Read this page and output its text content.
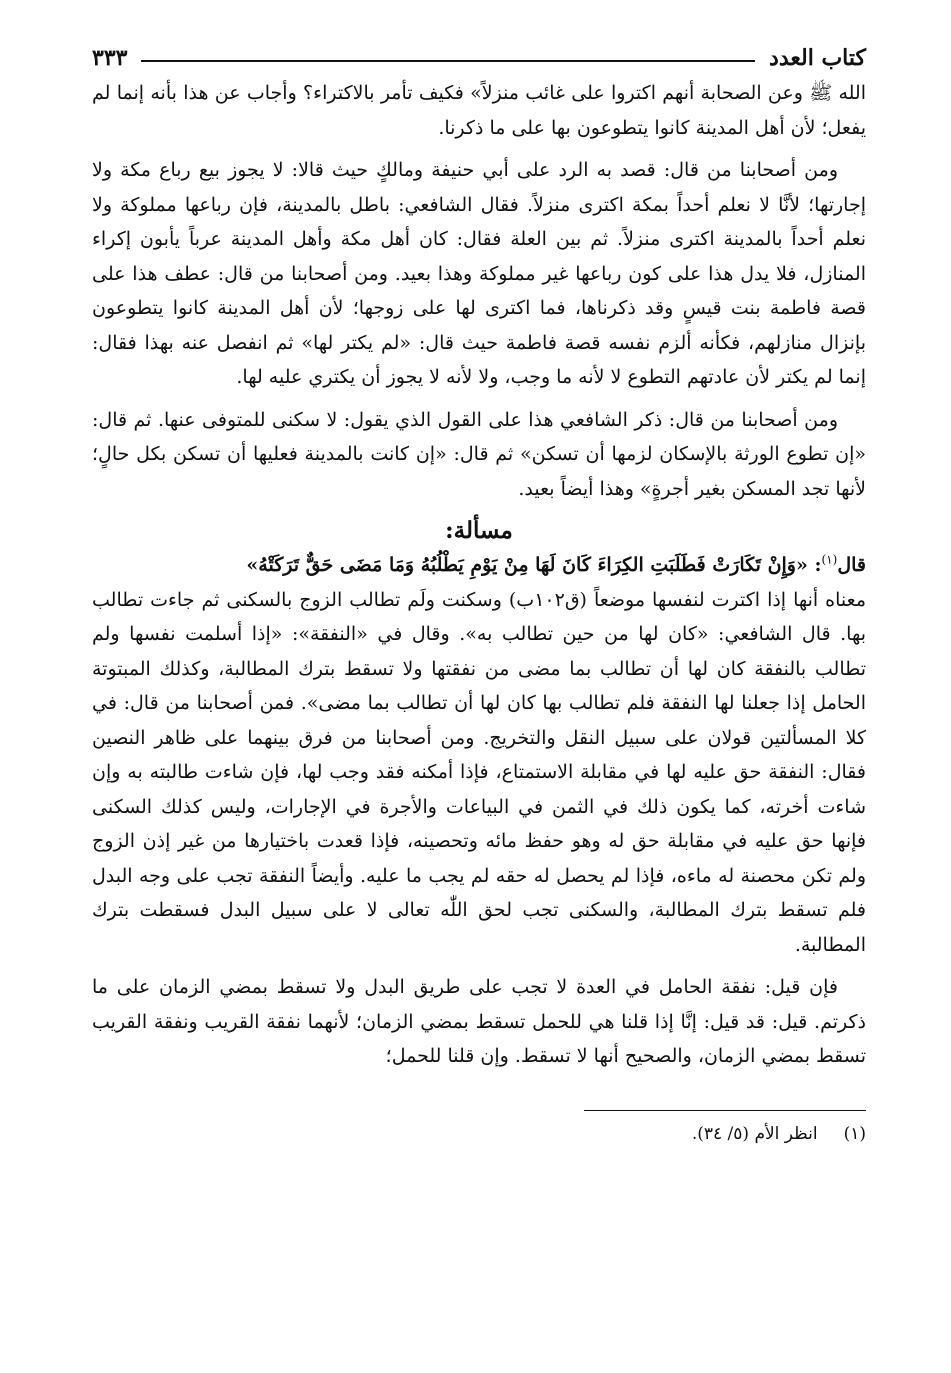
كتاب العدد
٣٣٣

الله ﷺ وعن الصحابة أنهم اكتروا على غائب منزلاً» فكيف تأمر بالاكتراء؟ وأجاب عن هذا بأنه إنما لم يفعل؛ لأن أهل المدينة كانوا يتطوعون بها على ما ذكرنا.

ومن أصحابنا من قال: قصد به الرد على أبي حنيفة ومالكٍ حيث قالا: لا يجوز بيع رباع مكة ولا إجارتها؛ لأنَّا لا نعلم أحداً بمكة اكترى منزلاً. فقال الشافعي: باطل بالمدينة، فإن رباعها مملوكة ولا نعلم أحداً بالمدينة اكترى منزلاً. ثم بين العلة فقال: كان أهل مكة وأهل المدينة عرباً يأبون إكراء المنازل، فلا يدل هذا على كون رباعها غير مملوكة وهذا بعيد. ومن أصحابنا من قال: عطف هذا على قصة فاطمة بنت قيسٍ وقد ذكرناها، فما اكترى لها على زوجها؛ لأن أهل المدينة كانوا يتطوعون بإنزال منازلهم، فكأنه ألزم نفسه قصة فاطمة حيث قال: «لم يكتر لها» ثم انفصل عنه بهذا فقال: إنما لم يكتر لأن عادتهم التطوع لا لأنه ما وجب، ولا لأنه لا يجوز أن يكتري عليه لها.

ومن أصحابنا من قال: ذكر الشافعي هذا على القول الذي يقول: لا سكنى للمتوفى عنها. ثم قال: «إن تطوع الورثة بالإسكان لزمها أن تسكن» ثم قال: «إن كانت بالمدينة فعليها أن تسكن بكل حالٍ؛ لأنها تجد المسكن بغير أجرةٍ» وهذا أيضاً بعيد.

مسألة:

قال$^{(١)}$: «وَإِنْ تَكَارَتْ فَطَلَبَتِ الكِرَاءَ كَانَ لَهَا مِنْ يَوْمِ يَطْلُبُهُ وَمَا مَضَى حَقٌّ تَرَكَتْهُ»

معناه أنها إذا اكترت لنفسها موضعاً (ق١٠٢ب) وسكنت ولَم تطالب الزوج بالسكنى ثم جاءت تطالب بها. قال الشافعي: «كان لها من حين تطالب به». وقال في «النفقة»: «إذا أسلمت نفسها ولم تطالب بالنفقة كان لها أن تطالب بما مضى من نفقتها ولا تسقط بترك المطالبة، وكذلك المبتوتة الحامل إذا جعلنا لها النفقة فلم تطالب بها كان لها أن تطالب بما مضى». فمن أصحابنا من قال: في كلا المسألتين قولان على سبيل النقل والتخريج. ومن أصحابنا من فرق بينهما على ظاهر النصين فقال: النفقة حق عليه لها في مقابلة الاستمتاع، فإذا أمكنه فقد وجب لها، فإن شاءت طالبته به وإن شاءت أخرته، كما يكون ذلك في الثمن في البياعات والأجرة في الإجارات، وليس كذلك السكنى فإنها حق عليه في مقابلة حق له وهو حفظ مائه وتحصينه، فإذا قعدت باختيارها من غير إذن الزوج ولم تكن محصنة له ماءه، فإذا لم يحصل له حقه لم يجب ما عليه. وأيضاً النفقة تجب على وجه البدل فلم تسقط بترك المطالبة، والسكنى تجب لحق اللّٰه تعالى لا على سبيل البدل فسقطت بترك المطالبة.

فإن قيل: نفقة الحامل في العدة لا تجب على طريق البدل ولا تسقط بمضي الزمان على ما ذكرتم. قيل: قد قيل: إنَّا إذا قلنا هي للحمل تسقط بمضي الزمان؛ لأنهما نفقة القريب ونفقة القريب تسقط بمضي الزمان، والصحيح أنها لا تسقط. وإن قلنا للحمل؛

(١)انظر الأم (٥/ ٣٤).
